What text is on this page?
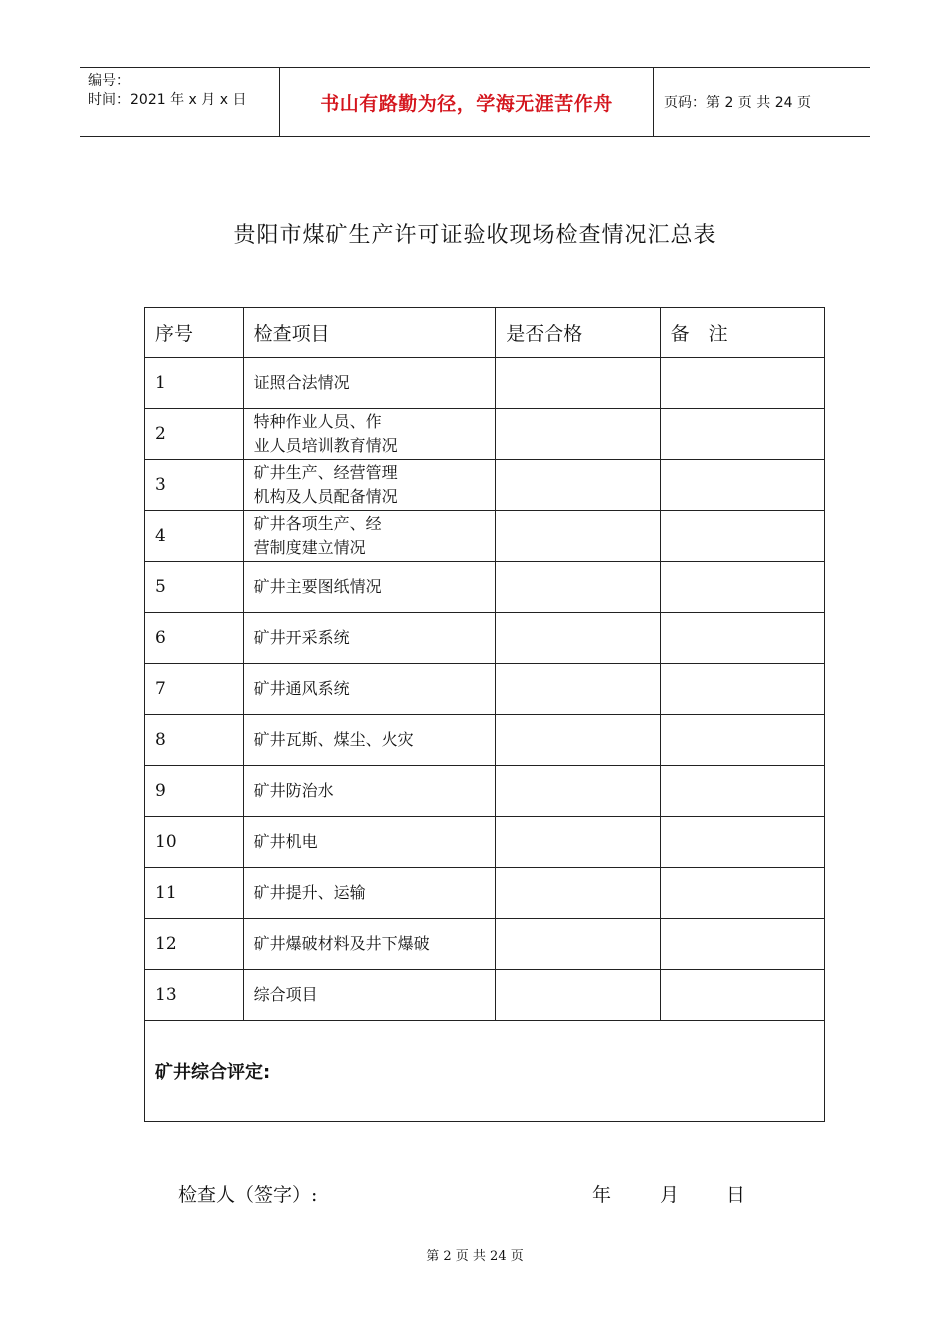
编号：
时间：2021 年 x 月 x 日	书山有路勤为径，学海无涯苦作舟	页码：第 2 页 共 24 页
贵阳市煤矿生产许可证验收现场检查情况汇总表
序号	检查项目	是否合格	备　注
1	证照合法情况		
2	特种作业人员、作
业人员培训教育情况		
3	矿井生产、经营管理
机构及人员配备情况		
4	矿井各项生产、经
营制度建立情况		
5	矿井主要图纸情况		
6	矿井开采系统		
7	矿井通风系统		
8	矿井瓦斯、煤尘、火灾		
9	矿井防治水		
10	矿井机电		
11	矿井提升、运输		
12	矿井爆破材料及井下爆破		
13	综合项目		
矿井综合评定:			
检查人（签字）:	年	月 日
第 2 页 共 24 页
